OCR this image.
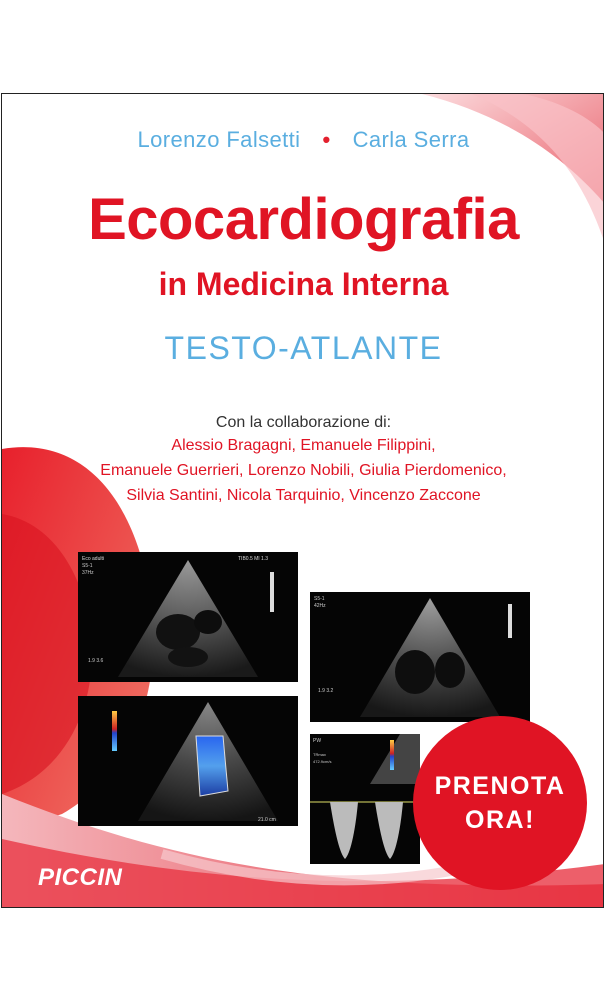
Lorenzo Falsetti • Carla Serra
Ecocardiografia
in Medicina Interna
TESTO-ATLANTE
Con la collaborazione di:
Alessio Bragagni, Emanuele Filippini,
Emanuele Guerrieri, Lorenzo Nobili, Giulia Pierdomenico,
Silvia Santini, Nicola Tarquinio, Vincenzo Zaccone
Eco adulti
S5-1
37Hz
TIB0.5 MI 1.3
1.9 3.6
S5-1
42Hz
1.9 3.2
21.0 cm
PW
TRmax
472.9cm/s
PRENOTA
ORA!
PICCIN
